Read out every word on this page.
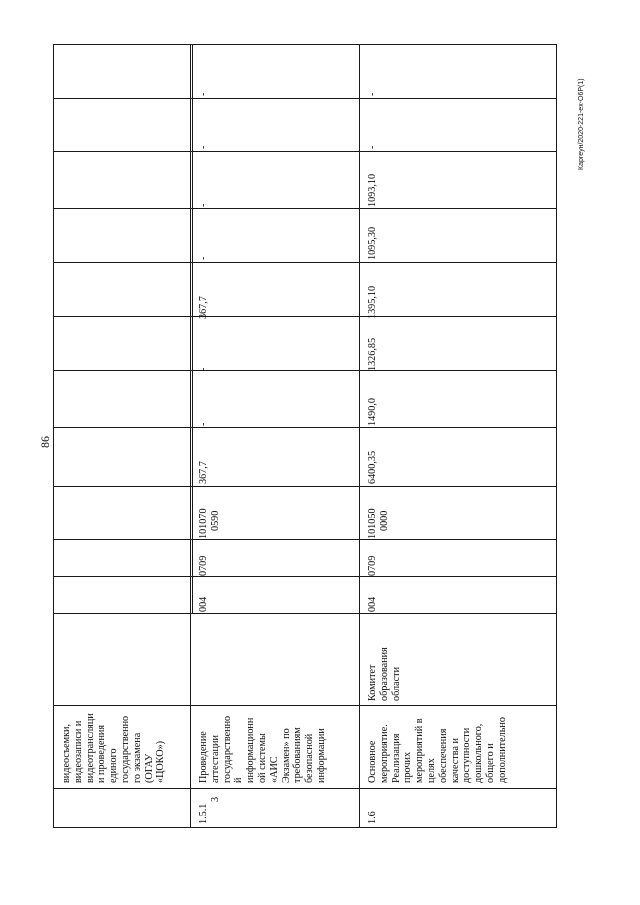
86
Каргеун/2020-221-ex-O6P(1)
видеосъемки, видеозаписи и видеотрансляци и проведения единого государственно го экзамена (ОГАУ «ЦОКО»)
1.5.1
3
Проведение аттестации государственно й информационн ой системы «АИС Экзамен» по требованиям безопасной информации
004
0709
101070 0590
367,7
-
-
367,7
-
-
-
-
1.6
Основное мероприятие. Реализация прочих мероприятий в целях обеспечения качества и доступности дошкольного, общего и дополнительно
Комитет образования области
004
0709
101050 0000
6400,35
1490,0
1326,85
1395,10
1095,30
1093,10
-
-
